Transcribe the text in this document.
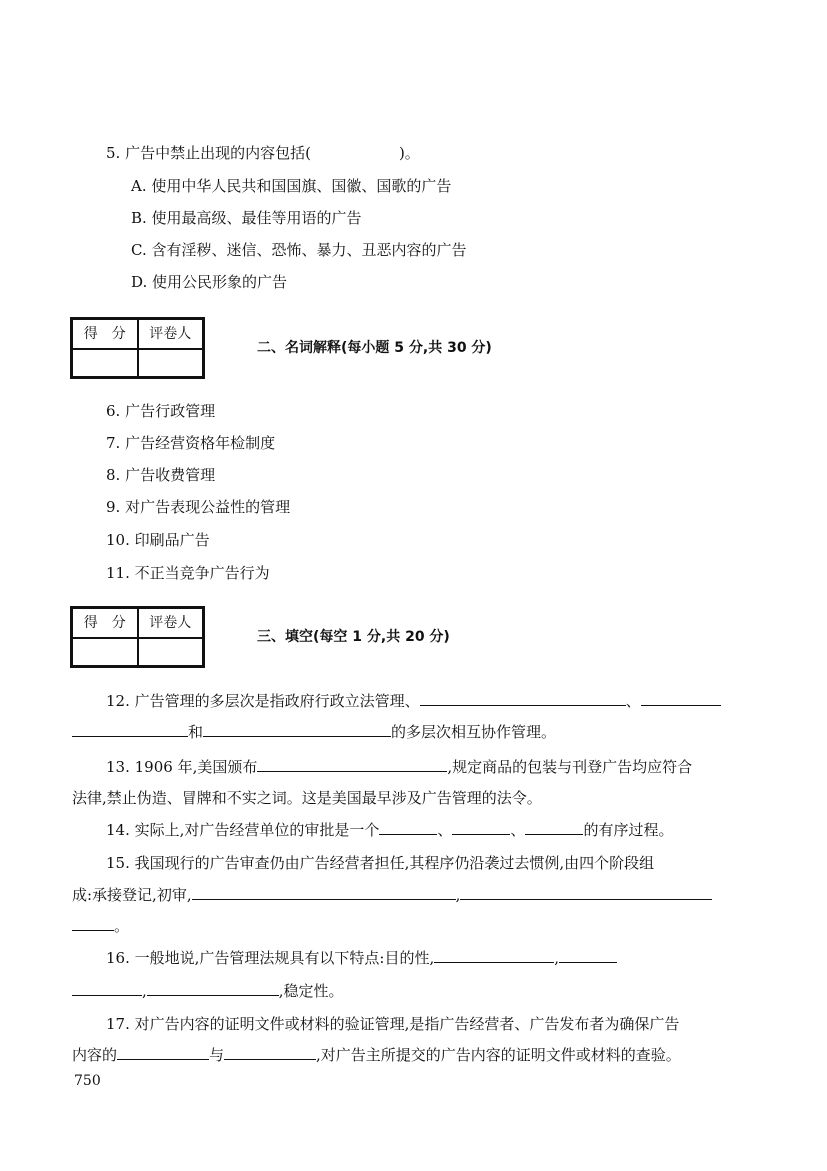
5. 广告中禁止出现的内容包括(	)。
A. 使用中华人民共和国国旗、国徽、国歌的广告
B. 使用最高级、最佳等用语的广告
C. 含有淫秽、迷信、恐怖、暴力、丑恶内容的广告
D. 使用公民形象的广告
得　分	评卷人
二、名词解释(每小题 5 分,共 30 分)
6. 广告行政管理
7. 广告经营资格年检制度
8. 广告收费管理
9. 对广告表现公益性的管理
10. 印刷品广告
11. 不正当竞争广告行为
得　分	评卷人
三、填空(每空 1 分,共 20 分)
12. 广告管理的多层次是指政府行政立法管理、	、
和	的多层次相互协作管理。
13. 1906 年,美国颁布	,规定商品的包装与刊登广告均应符合
法律,禁止伪造、冒牌和不实之词。这是美国最早涉及广告管理的法令。
14. 实际上,对广告经营单位的审批是一个	、	、	的有序过程。
15. 我国现行的广告审查仍由广告经营者担任,其程序仍沿袭过去惯例,由四个阶段组
成:承接登记,初审,	,
。
16. 一般地说,广告管理法规具有以下特点:目的性,	,
,	,稳定性。
17. 对广告内容的证明文件或材料的验证管理,是指广告经营者、广告发布者为确保广告
内容的	与	,对广告主所提交的广告内容的证明文件或材料的查验。
750
